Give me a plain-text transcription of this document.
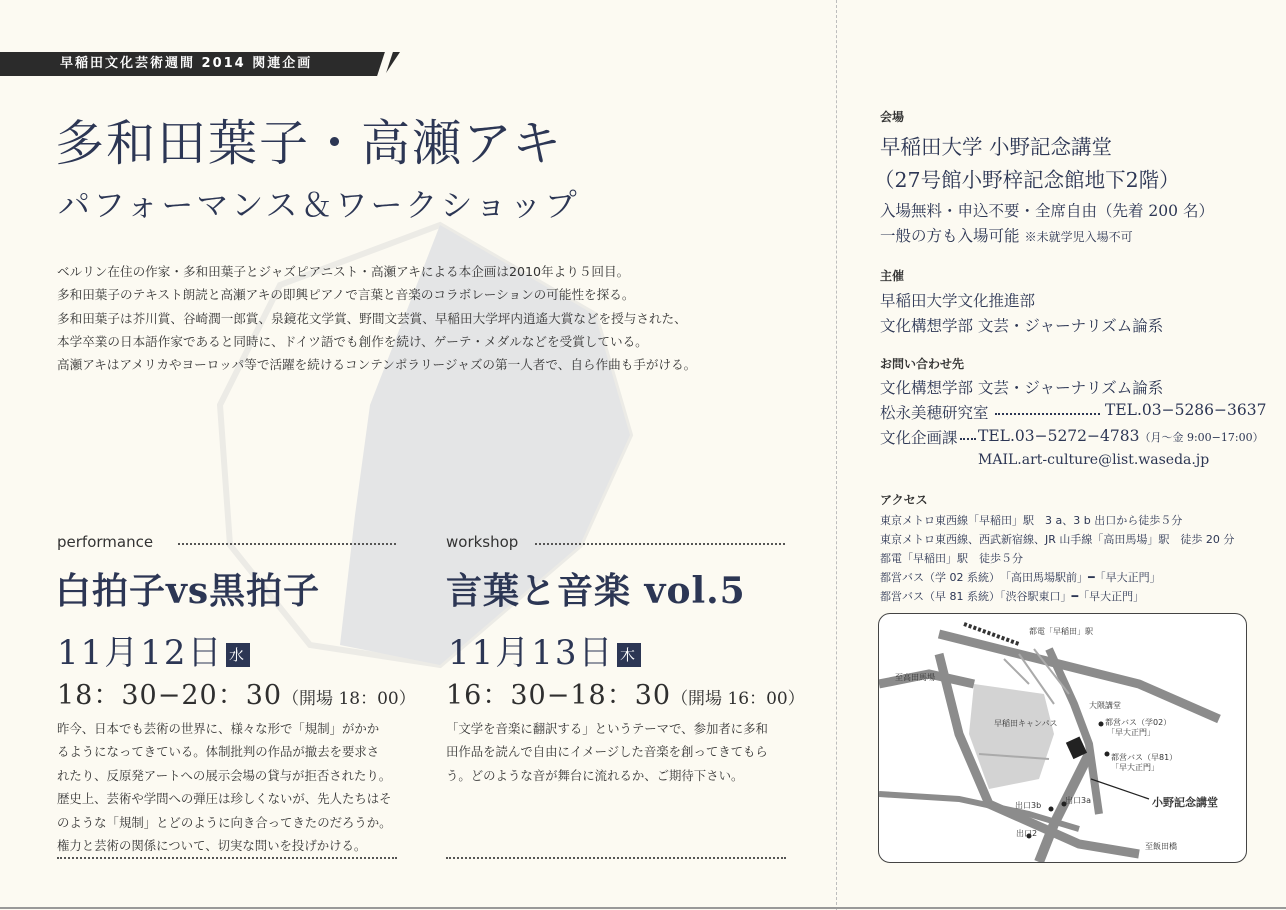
早稲田文化芸術週間 2014 関連企画
多和田葉子・高瀬アキ
パフォーマンス＆ワークショップ

ベルリン在住の作家・多和田葉子とジャズピアニスト・高瀬アキによる本企画は2010年より５回目。

多和田葉子のテキスト朗読と高瀬アキの即興ピアノで言葉と音楽のコラボレーションの可能性を探る。

多和田葉子は芥川賞、谷崎潤一郎賞、泉鏡花文学賞、野間文芸賞、早稲田大学坪内逍遙大賞などを授与された、

本学卒業の日本語作家であると同時に、ドイツ語でも創作を続け、ゲーテ・メダルなどを受賞している。

高瀬アキはアメリカやヨーロッパ等で活躍を続けるコンテンポラリージャズの第一人者で、自ら作曲も手がける。

performance
白拍子vs黒拍子
11月12日 水
18：30−20：30（開場 18：00）

昨今、日本でも芸術の世界に、様々な形で「規制」がかか

るようになってきている。体制批判の作品が撤去を要求さ

れたり、反原発アートへの展示会場の貸与が拒否されたり。

歴史上、芸術や学問への弾圧は珍しくないが、先人たちはそ

のような「規制」とどのように向き合ってきたのだろうか。

権力と芸術の関係について、切実な問いを投げかける。

workshop
言葉と音楽 vol.5
11月13日 木
16：30−18：30（開場 16：00）

「文学を音楽に翻訳する」というテーマで、参加者に多和

田作品を読んで自由にイメージした音楽を創ってきてもら

う。どのような音が舞台に流れるか、ご期待下さい。

会場
早稲田大学 小野記念講堂
（27号館小野梓記念館地下2階）
入場無料・申込不要・全席自由（先着 200 名）
一般の方も入場可能 ※未就学児入場不可
主催
早稲田大学文化推進部
文化構想学部 文芸・ジャーナリズム論系
お問い合わせ先
文化構想学部 文芸・ジャーナリズム論系
松永美穂研究室	TEL.03−5286−3637
文化企画課 TEL.03−5272−4783（月〜金 9:00−17:00）
MAIL.art-culture@list.waseda.jp
アクセス

東京メトロ東西線「早稲田」駅　3 a、3 b 出口から徒歩５分

東京メトロ東西線、西武新宿線、JR 山手線「高田馬場」駅　徒歩 20 分

都電「早稲田」駅　徒歩５分

都営バス（学 02 系統）　「高田馬場駅前」━「早大正門」

都営バス（早 81 系統）「渋谷駅東口」━「早大正門」

都電「早稲田」駅
至高田馬場
大隈講堂
早稲田キャンパス	都営バス（学02）
「早大正門」
都営バス（早81）
「早大正門」
小野記念講堂
出口3b
出口3a
出口2
至飯田橋
